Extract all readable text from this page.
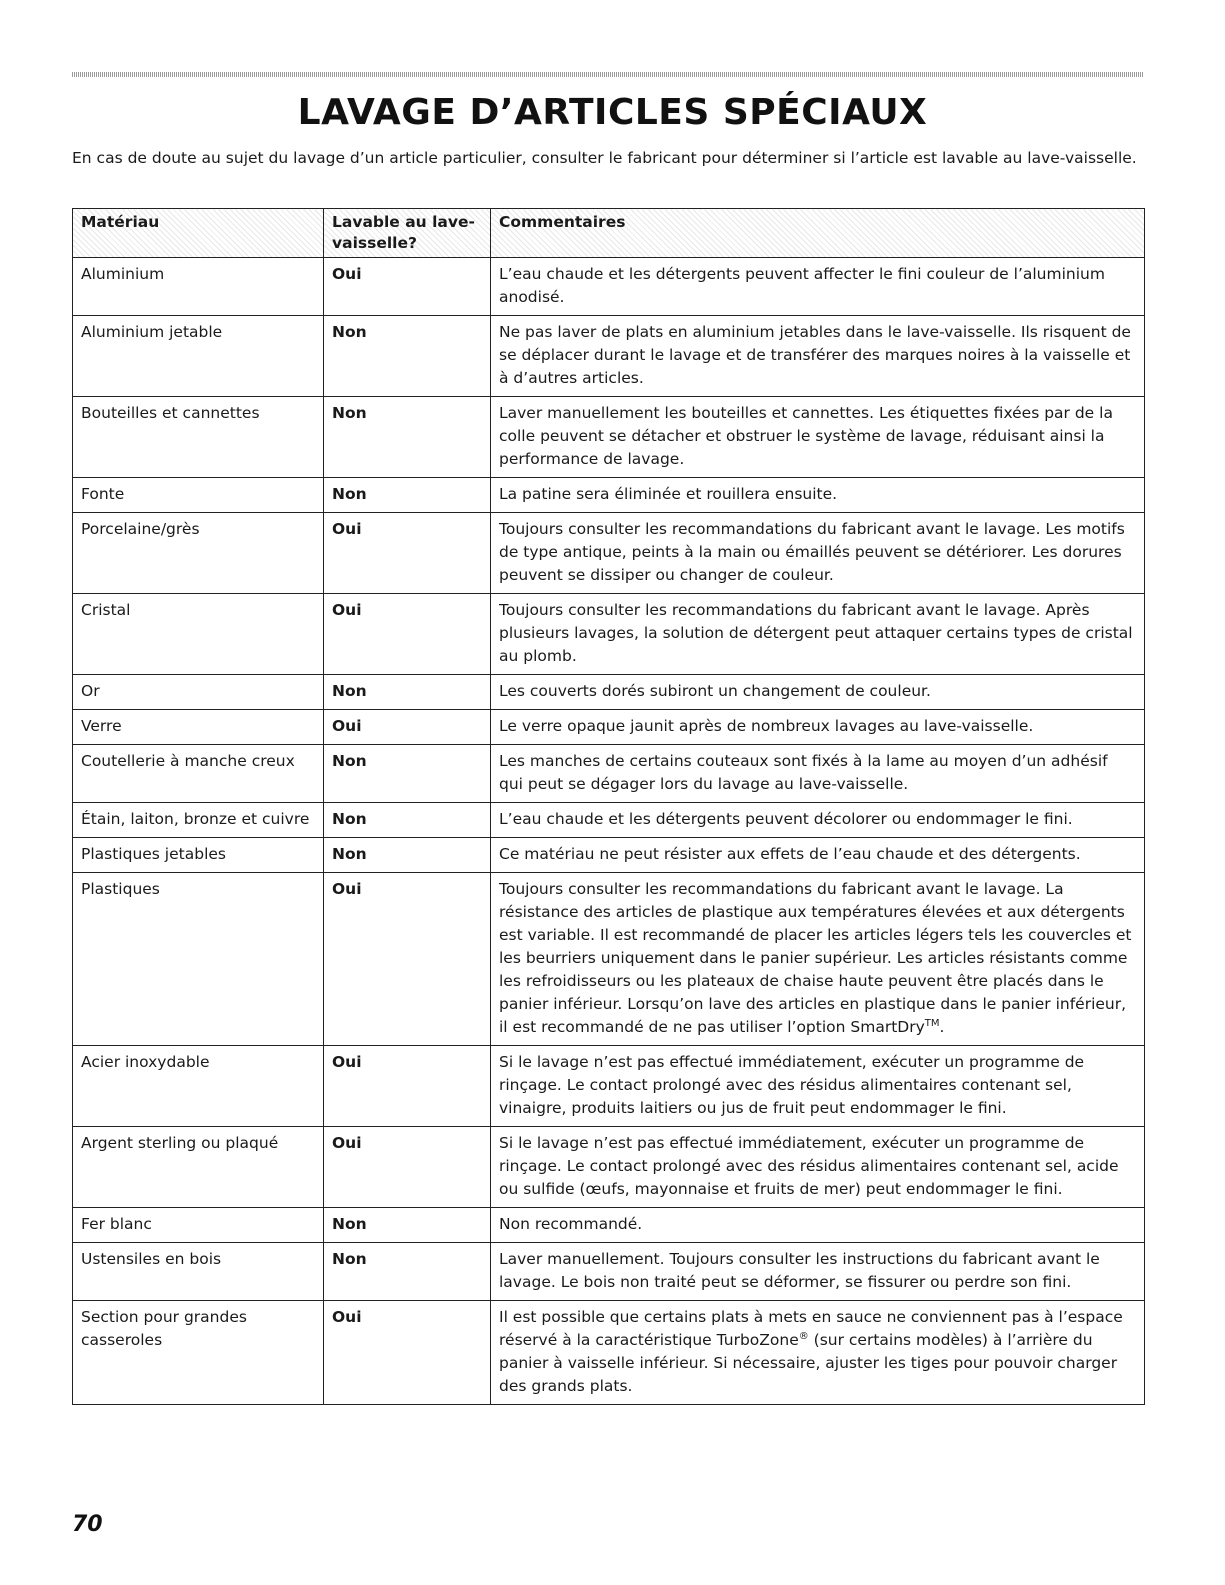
LAVAGE D’ARTICLES SPÉCIAUX

En cas de doute au sujet du lavage d’un article particulier, consulter le fabricant pour déterminer si l’article est lavable au lave-vaisselle.

Matériau	Lavable au lave-vaisselle?	Commentaires
Aluminium	Oui	L’eau chaude et les détergents peuvent affecter le fini couleur de l’aluminium anodisé.
Aluminium jetable	Non	Ne pas laver de plats en aluminium jetables dans le lave-vaisselle. Ils risquent de se déplacer durant le lavage et de transférer des marques noires à la vaisselle et à d’autres articles.
Bouteilles et cannettes	Non	Laver manuellement les bouteilles et cannettes. Les étiquettes fixées par de la colle peuvent se détacher et obstruer le système de lavage, réduisant ainsi la performance de lavage.
Fonte	Non	La patine sera éliminée et rouillera ensuite.
Porcelaine/grès	Oui	Toujours consulter les recommandations du fabricant avant le lavage. Les motifs de type antique, peints à la main ou émaillés peuvent se détériorer. Les dorures peuvent se dissiper ou changer de couleur.
Cristal	Oui	Toujours consulter les recommandations du fabricant avant le lavage. Après plusieurs lavages, la solution de détergent peut attaquer certains types de cristal au plomb.
Or	Non	Les couverts dorés subiront un changement de couleur.
Verre	Oui	Le verre opaque jaunit après de nombreux lavages au lave-vaisselle.
Coutellerie à manche creux	Non	Les manches de certains couteaux sont fixés à la lame au moyen d’un adhésif qui peut se dégager lors du lavage au lave-vaisselle.
Étain, laiton, bronze et cuivre	Non	L’eau chaude et les détergents peuvent décolorer ou endommager le fini.
Plastiques jetables	Non	Ce matériau ne peut résister aux effets de l’eau chaude et des détergents.
Plastiques	Oui	Toujours consulter les recommandations du fabricant avant le lavage. La résistance des articles de plastique aux températures élevées et aux détergents est variable. Il est recommandé de placer les articles légers tels les couvercles et les beurriers uniquement dans le panier supérieur. Les articles résistants comme les refroidisseurs ou les plateaux de chaise haute peuvent être placés dans le panier inférieur. Lorsqu’on lave des articles en plastique dans le panier inférieur, il est recommandé de ne pas utiliser l’option SmartDry™.
Acier inoxydable	Oui	Si le lavage n’est pas effectué immédiatement, exécuter un programme de rinçage. Le contact prolongé avec des résidus alimentaires contenant sel, vinaigre, produits laitiers ou jus de fruit peut endommager le fini.
Argent sterling ou plaqué	Oui	Si le lavage n’est pas effectué immédiatement, exécuter un programme de rinçage. Le contact prolongé avec des résidus alimentaires contenant sel, acide ou sulfide (œufs, mayonnaise et fruits de mer) peut endommager le fini.
Fer blanc	Non	Non recommandé.
Ustensiles en bois	Non	Laver manuellement. Toujours consulter les instructions du fabricant avant le lavage. Le bois non traité peut se déformer, se fissurer ou perdre son fini.
Section pour grandes casseroles	Oui	Il est possible que certains plats à mets en sauce ne conviennent pas à l’espace réservé à la caractéristique TurboZone® (sur certains modèles) à l’arrière du panier à vaisselle inférieur. Si nécessaire, ajuster les tiges pour pouvoir charger des grands plats.
70
